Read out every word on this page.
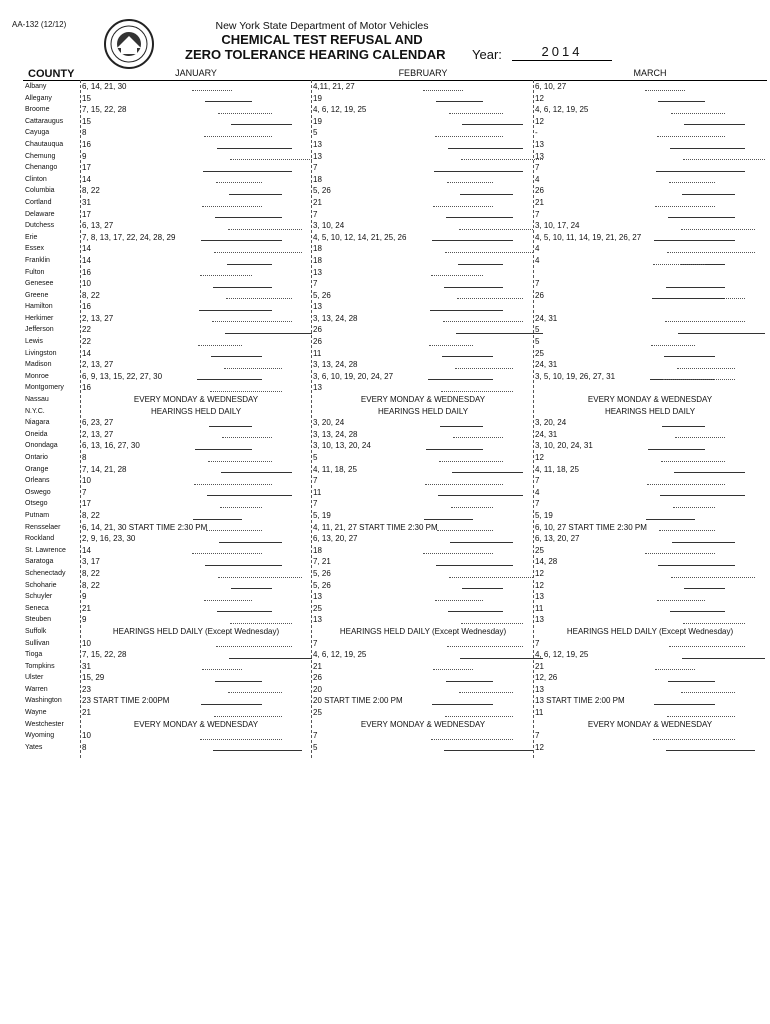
AA-132 (12/12)	New York State Department of Motor Vehicles
CHEMICAL TEST REFUSAL AND
ZERO TOLERANCE HEARING CALENDAR Year:	2014
COUNTY	JANUARY	FEBRUARY	MARCH
Albany	6, 14, 21, 30	4,11, 21, 27	6, 10, 27
Allegany	15	19	12
Broome	7, 15, 22, 28	4, 6, 12, 19, 25	4, 6, 12, 19, 25
Cattaraugus 15	19	12
Cayuga	8	5	-
Chautauqua 16	13	13
Chemung	9	13	13
Chenango	17	7	7
Clinton	14	18	4
Columbia	8, 22	5, 26	26
Cortland	31	21	21
Delaware	17	7	7
Dutchess	6, 13, 27	3, 10, 24	3, 10, 17, 24
Erie	7, 8, 13, 17, 22, 24, 28, 29	4, 5, 10, 12, 14, 21, 25, 26	4, 5, 10, 11, 14, 19, 21, 26, 27
Essex	14	18	4
Franklin	14	18	4
Fulton	16	13
Genesee	10	7	7
Greene	8, 22	5, 26	26
Hamilton	16	13
Herkimer	2, 13, 27	3, 13, 24, 28	24, 31
Jefferson	22	26	5
Lewis	22	26	5
Livingston	14	11	25
Madison	2, 13, 27	3, 13, 24, 28	24, 31
Monroe	6, 9, 13, 15, 22, 27, 30	3, 6, 10, 19, 20, 24, 27	3, 5, 10, 19, 26, 27, 31
Montgomery 16	13
Nassau	EVERY MONDAY & WEDNESDAY	EVERY MONDAY & WEDNESDAY	EVERY MONDAY & WEDNESDAY
N.Y.C.	HEARINGS HELD DAILY	HEARINGS HELD DAILY	HEARINGS HELD DAILY
Niagara	6, 23, 27	3, 20, 24	3, 20, 24
Oneida	2, 13, 27	3, 13, 24, 28	24, 31
Onondaga	6, 13, 16, 27, 30	3, 10, 13, 20, 24	3, 10, 20, 24, 31
Ontario	8	5	12
Orange	7, 14, 21, 28	4, 11, 18, 25	4, 11, 18, 25
Orleans	10	7	7
Oswego	7	11	4
Otsego	17	7	7
Putnam	8, 22	5, 19	5, 19
Rensselaer	6, 14, 21, 30 START TIME 2:30 PM	4, 11, 21, 27 START TIME 2:30 PM	6, 10, 27 START TIME 2:30 PM
Rockland	2, 9, 16, 23, 30	6, 13, 20, 27	6, 13, 20, 27
St. Lawrence 14	18	25
Saratoga	3, 17	7, 21	14, 28
Schenectady 8, 22	5, 26	12
Schoharie	8, 22	5, 26	12
Schuyler	9	13	13
Seneca	21	25	11
Steuben	9	13	13
Suffolk	HEARINGS HELD DAILY (Except Wednesday)	HEARINGS HELD DAILY (Except Wednesday)	HEARINGS HELD DAILY (Except Wednesday)
Sullivan	10	7	7
Tioga	7, 15, 22, 28	4, 6, 12, 19, 25	4, 6, 12, 19, 25
Tompkins	31	21	21
Ulster	15, 29	26	12, 26
Warren	23	20	13
Washington	23 START TIME 2:00PM	20 START TIME 2:00 PM	13 START TIME 2:00 PM
Wayne	21	25	11
Westchester	EVERY MONDAY & WEDNESDAY	EVERY MONDAY & WEDNESDAY	EVERY MONDAY & WEDNESDAY
Wyoming	10	7	7
Yates	8	5	12
